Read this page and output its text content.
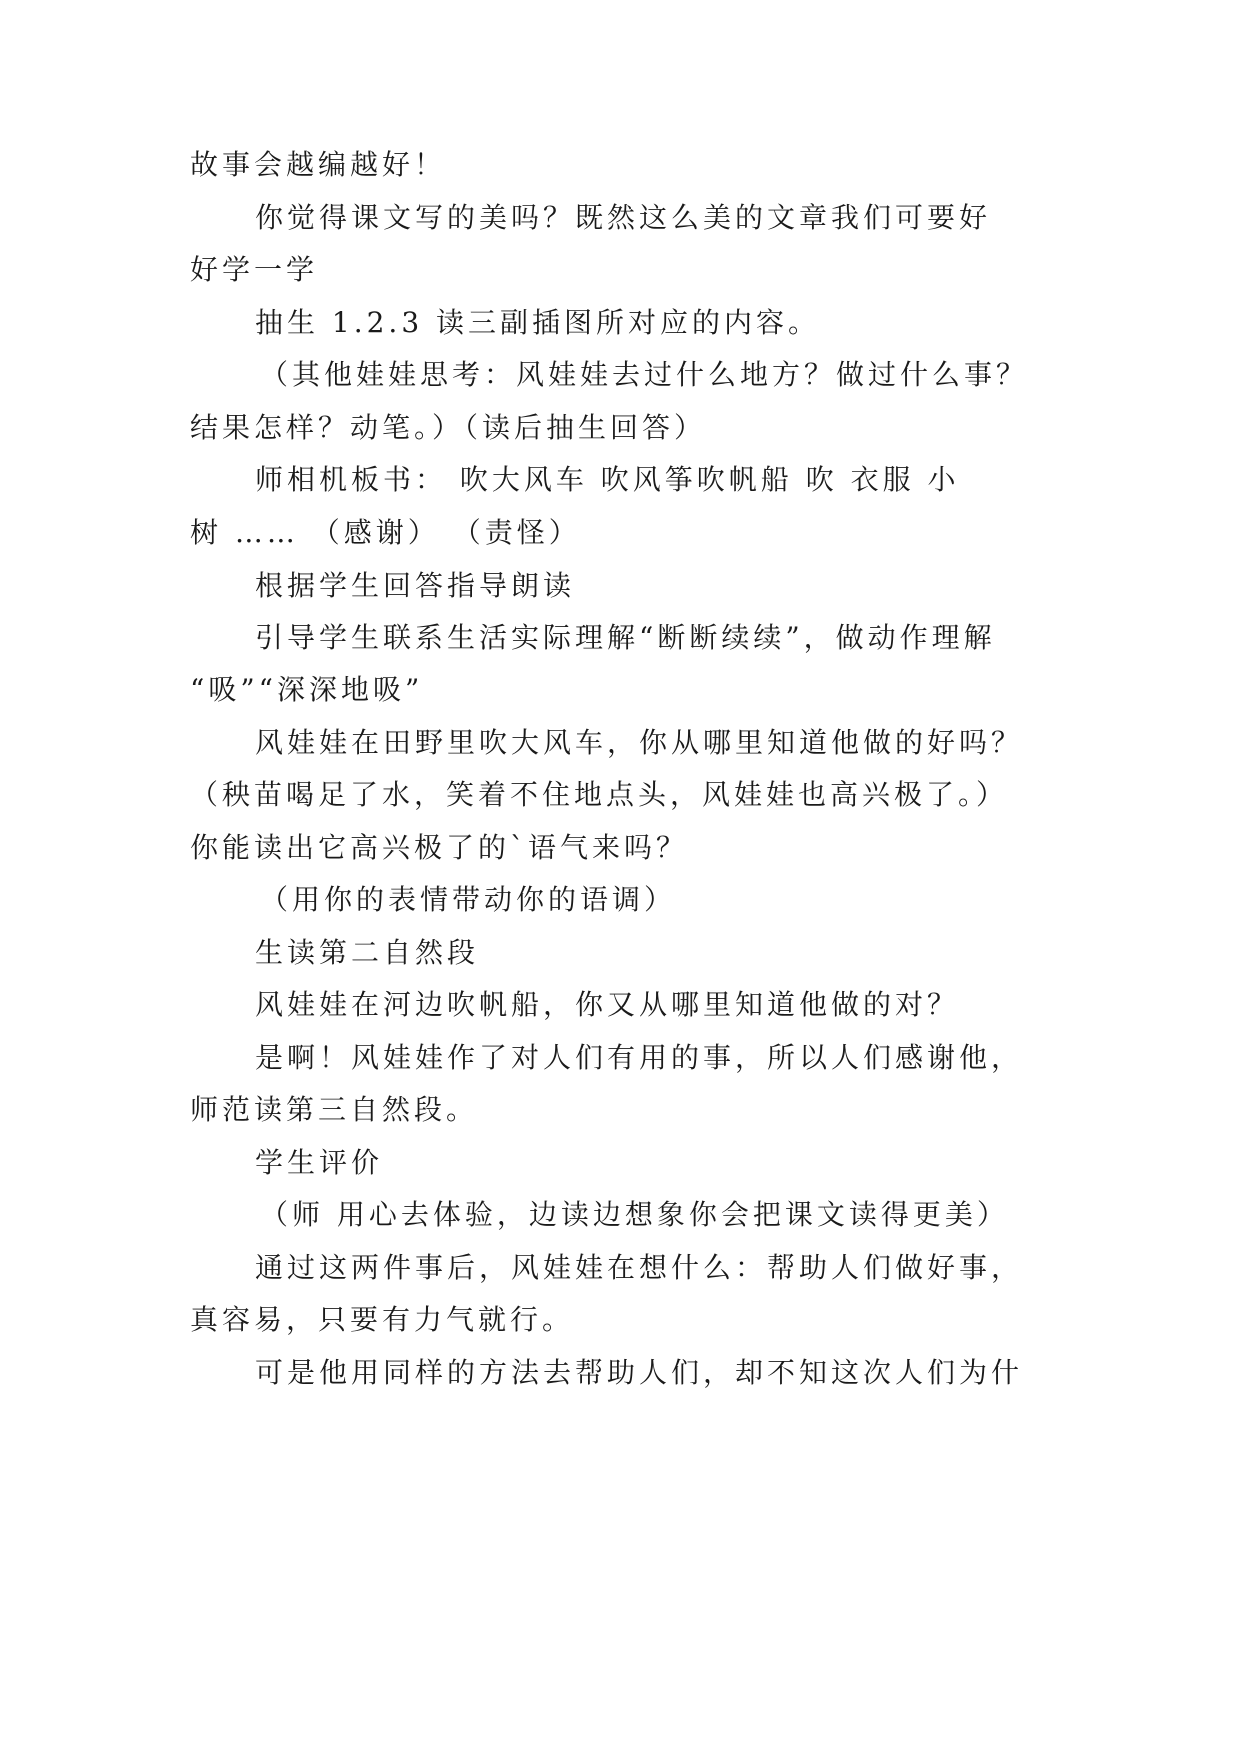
故事会越编越好！

你觉得课文写的美吗？既然这么美的文章我们可要好

好学一学

抽生 1.2.3 读三副插图所对应的内容。

（其他娃娃思考：风娃娃去过什么地方？做过什么事？

结果怎样？动笔。）（读后抽生回答）

师相机板书： 吹大风车 吹风筝吹帆船 吹 衣服 小

树 …… （感谢） （责怪）

根据学生回答指导朗读

引导学生联系生活实际理解“断断续续”，做动作理解

“吸”“深深地吸”

风娃娃在田野里吹大风车，你从哪里知道他做的好吗？

（秧苗喝足了水，笑着不住地点头，风娃娃也高兴极了。）

你能读出它高兴极了的`语气来吗？

（用你的表情带动你的语调）

生读第二自然段

风娃娃在河边吹帆船，你又从哪里知道他做的对？

是啊！风娃娃作了对人们有用的事，所以人们感谢他，

师范读第三自然段。

学生评价

（师 用心去体验，边读边想象你会把课文读得更美）

通过这两件事后，风娃娃在想什么：帮助人们做好事，

真容易，只要有力气就行。

可是他用同样的方法去帮助人们，却不知这次人们为什
